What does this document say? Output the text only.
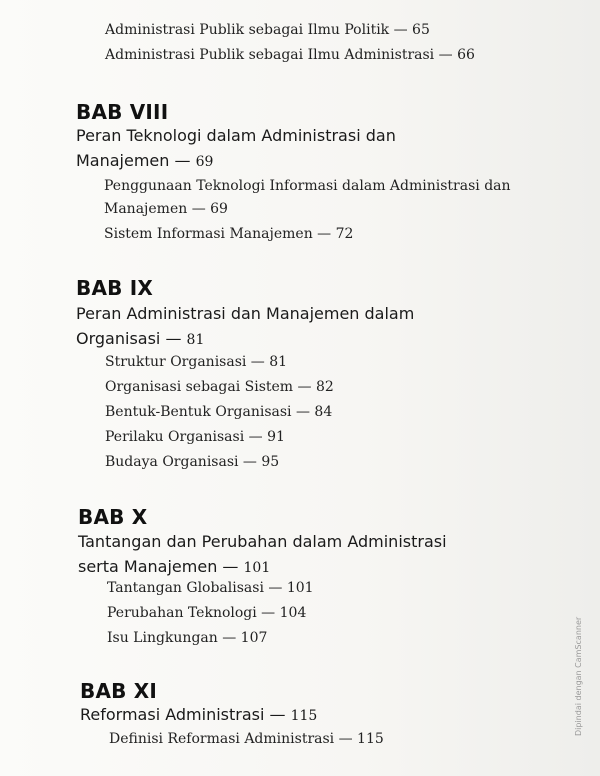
Administrasi Publik sebagai Ilmu Politik — 65
Administrasi Publik sebagai Ilmu Administrasi — 66
BAB VIII
Peran Teknologi dalam Administrasi dan
Manajemen — 69
Penggunaan Teknologi Informasi dalam Administrasi dan
Manajemen — 69
Sistem Informasi Manajemen — 72
BAB IX
Peran Administrasi dan Manajemen dalam
Organisasi — 81
Struktur Organisasi — 81
Organisasi sebagai Sistem — 82
Bentuk-Bentuk Organisasi — 84
Perilaku Organisasi — 91
Budaya Organisasi — 95
BAB X
Tantangan dan Perubahan dalam Administrasi
serta Manajemen — 101
Tantangan Globalisasi — 101
Perubahan Teknologi — 104
Isu Lingkungan — 107
BAB XI
Reformasi Administrasi — 115
Definisi Reformasi Administrasi — 115
Dipindai dengan CamScanner
